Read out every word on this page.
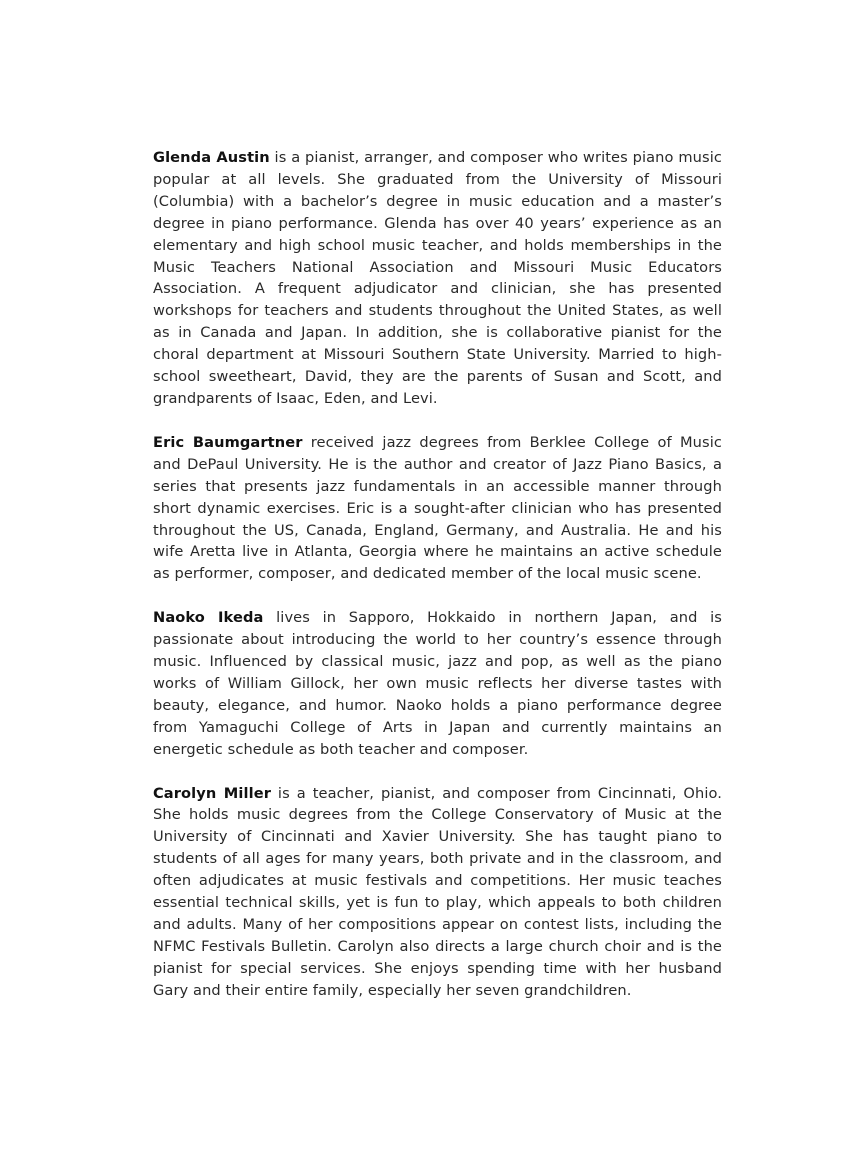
Glenda Austin is a pianist, arranger, and composer who writes piano music popular at all levels. She graduated from the University of Missouri (Columbia) with a bachelor’s degree in music education and a master’s degree in piano performance. Glenda has over 40 years’ experience as an elementary and high school music teacher, and holds memberships in the Music Teachers National Association and Missouri Music Educators Association. A frequent adjudicator and clinician, she has presented workshops for teachers and students throughout the United States, as well as in Canada and Japan. In addition, she is collaborative pianist for the choral department at Missouri Southern State University. Married to high-school sweetheart, David, they are the parents of Susan and Scott, and grandparents of Isaac, Eden, and Levi.

Eric Baumgartner received jazz degrees from Berklee College of Music and DePaul University. He is the author and creator of Jazz Piano Basics, a series that presents jazz fundamentals in an accessible manner through short dynamic exercises. Eric is a sought-after clinician who has presented throughout the US, Canada, England, Germany, and Australia. He and his wife Aretta live in Atlanta, Georgia where he maintains an active schedule as performer, composer, and dedicated member of the local music scene.

Naoko Ikeda lives in Sapporo, Hokkaido in northern Japan, and is passionate about introducing the world to her country’s essence through music. Influenced by classical music, jazz and pop, as well as the piano works of William Gillock, her own music reflects her diverse tastes with beauty, elegance, and humor. Naoko holds a piano performance degree from Yamaguchi College of Arts in Japan and currently maintains an energetic schedule as both teacher and composer.

Carolyn Miller is a teacher, pianist, and composer from Cincinnati, Ohio. She holds music degrees from the College Conservatory of Music at the University of Cincinnati and Xavier University. She has taught piano to students of all ages for many years, both private and in the classroom, and often adjudicates at music festivals and competitions. Her music teaches essential technical skills, yet is fun to play, which appeals to both children and adults. Many of her compositions appear on contest lists, including the NFMC Festivals Bulletin. Carolyn also directs a large church choir and is the pianist for special services. She enjoys spending time with her husband Gary and their entire family, especially her seven grandchildren.
